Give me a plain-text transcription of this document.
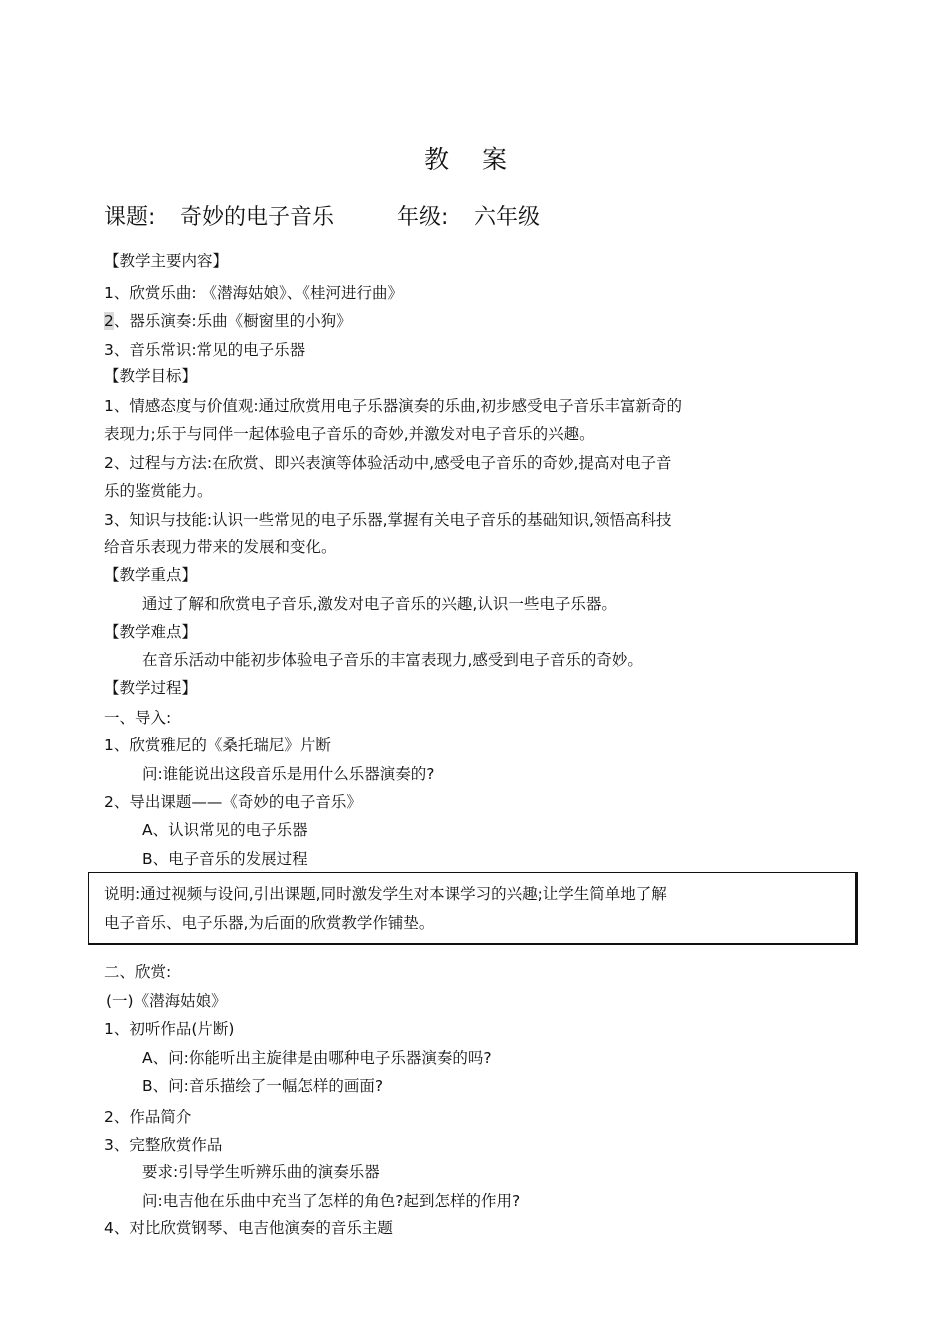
教 案
课题: 奇妙的电子音乐	年级: 六年级
【教学主要内容】
1、欣赏乐曲: 《潜海姑娘》、《桂河进行曲》
2、器乐演奏:乐曲《橱窗里的小狗》
3、音乐常识:常见的电子乐器
【教学目标】
1、情感态度与价值观:通过欣赏用电子乐器演奏的乐曲,初步感受电子音乐丰富新奇的
表现力;乐于与同伴一起体验电子音乐的奇妙,并激发对电子音乐的兴趣。
2、过程与方法:在欣赏、即兴表演等体验活动中,感受电子音乐的奇妙,提高对电子音
乐的鉴赏能力。
3、知识与技能:认识一些常见的电子乐器,掌握有关电子音乐的基础知识,领悟高科技
给音乐表现力带来的发展和变化。
【教学重点】
通过了解和欣赏电子音乐,激发对电子音乐的兴趣,认识一些电子乐器。
【教学难点】
在音乐活动中能初步体验电子音乐的丰富表现力,感受到电子音乐的奇妙。
【教学过程】
一、导入:
1、欣赏雅尼的《桑托瑞尼》片断
问:谁能说出这段音乐是用什么乐器演奏的?
2、导出课题——《奇妙的电子音乐》
A、认识常见的电子乐器
B、电子音乐的发展过程
说明:通过视频与设问,引出课题,同时激发学生对本课学习的兴趣;让学生简单地了解
电子音乐、电子乐器,为后面的欣赏教学作铺垫。
二、欣赏:
(一)《潜海姑娘》
1、初听作品(片断)
A、问:你能听出主旋律是由哪种电子乐器演奏的吗?
B、问:音乐描绘了一幅怎样的画面?
2、作品简介
3、完整欣赏作品
要求:引导学生听辨乐曲的演奏乐器
问:电吉他在乐曲中充当了怎样的角色?起到怎样的作用?
4、对比欣赏钢琴、电吉他演奏的音乐主题
